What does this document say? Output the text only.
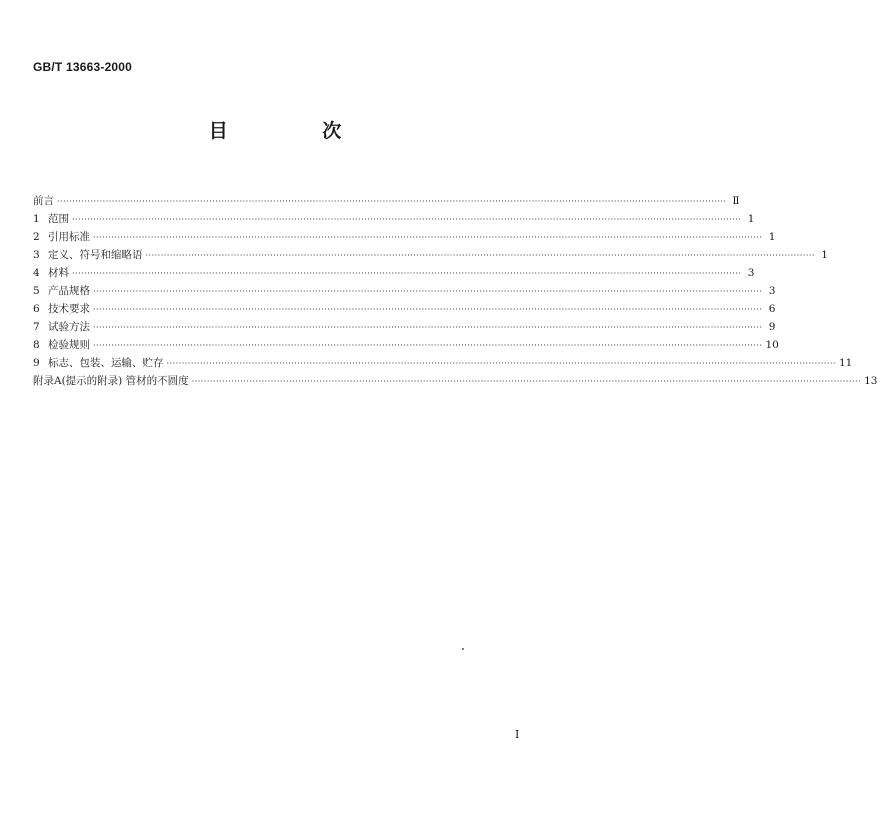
GB/T 13663-2000
目 次
前言 ···························································································································································································································· Ⅱ
1 范围 ···························································································································································································································· 1
2 引用标准 ···························································································································································································································· 1
3 定义、符号和缩略语 ···························································································································································································································· 1
4 材料 ···························································································································································································································· 3
5 产品规格 ···························································································································································································································· 3
6 技术要求 ···························································································································································································································· 6
7 试验方法 ···························································································································································································································· 9
8 检验规则 ···························································································································································································································· 10
9 标志、包装、运输、贮存 ···························································································································································································································· 11
附录A(提示的附录) 管材的不圆度 ···························································································································································································································· 13
I
